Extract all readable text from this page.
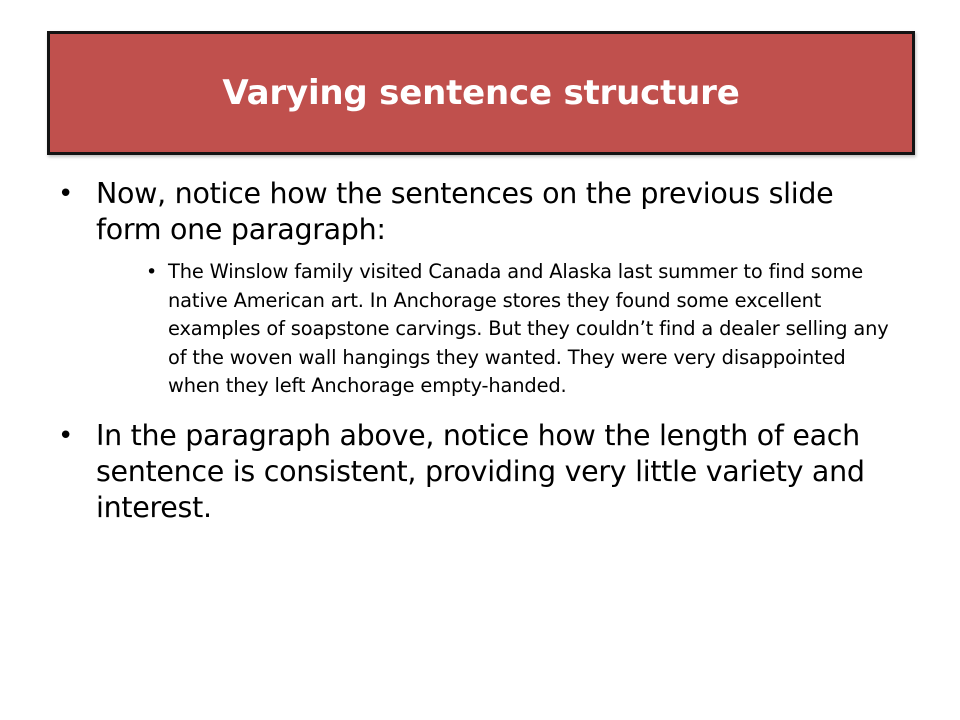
Varying sentence structure
• Now, notice how the sentences on the previous slide form one paragraph:
• The Winslow family visited Canada and Alaska last summer to find some native American art. In Anchorage stores they found some excellent examples of soapstone carvings. But they couldn’t find a dealer selling any of the woven wall hangings they wanted. They were very disappointed when they left Anchorage empty-handed.
• In the paragraph above, notice how the length of each sentence is consistent, providing very little variety and interest.
